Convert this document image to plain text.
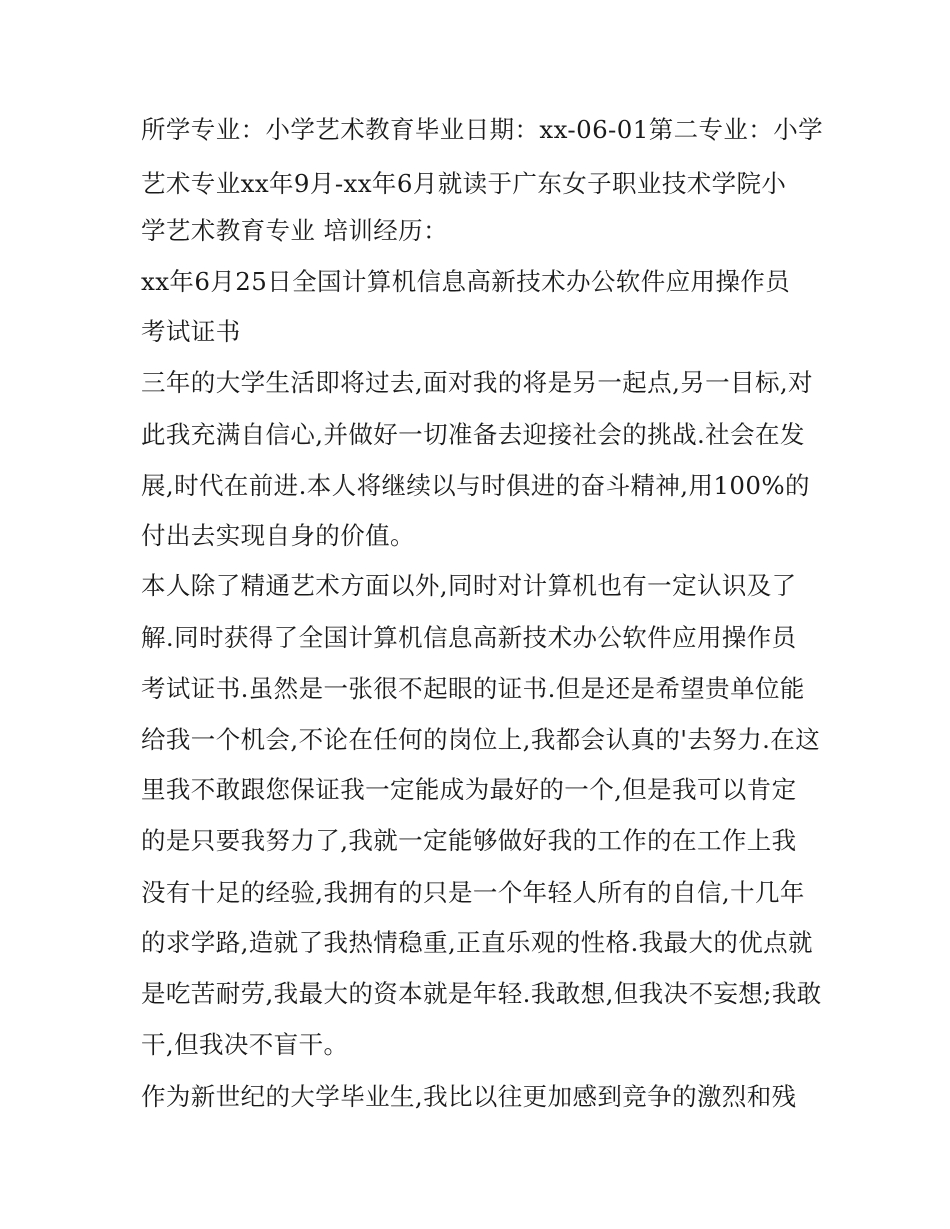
所学专业：小学艺术教育毕业日期：xx-06-01第二专业：小学
艺术专业xx年9月-xx年6月就读于广东女子职业技术学院小
学艺术教育专业 培训经历：
xx年6月25日全国计算机信息高新技术办公软件应用操作员
考试证书
三年的大学生活即将过去,面对我的将是另一起点,另一目标,对
此我充满自信心,并做好一切准备去迎接社会的挑战.社会在发
展,时代在前进.本人将继续以与时俱进的奋斗精神,用100%的
付出去实现自身的价值。
本人除了精通艺术方面以外,同时对计算机也有一定认识及了
解.同时获得了全国计算机信息高新技术办公软件应用操作员
考试证书.虽然是一张很不起眼的证书.但是还是希望贵单位能
给我一个机会,不论在任何的岗位上,我都会认真的'去努力.在这
里我不敢跟您保证我一定能成为最好的一个,但是我可以肯定
的是只要我努力了,我就一定能够做好我的工作的在工作上我
没有十足的经验,我拥有的只是一个年轻人所有的自信,十几年
的求学路,造就了我热情稳重,正直乐观的性格.我最大的优点就
是吃苦耐劳,我最大的资本就是年轻.我敢想,但我决不妄想;我敢
干,但我决不盲干。
作为新世纪的大学毕业生,我比以往更加感到竞争的激烈和残
